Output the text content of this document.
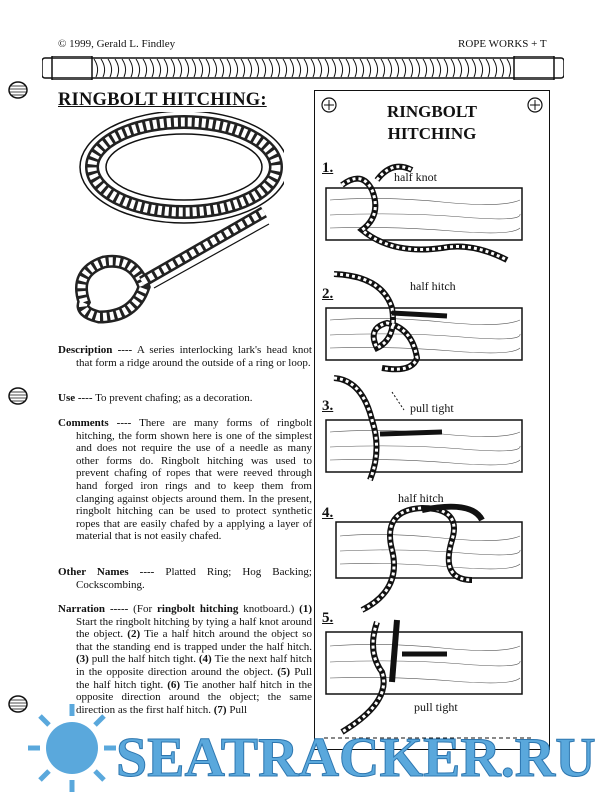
© 1999, Gerald L. Findley	ROPE WORKS + T
RINGBOLT HITCHING:
Description ---- A series interlocking lark's head knot that form a ridge around the outside of a ring or loop.
Use ---- To prevent chafing; as a decoration.
Comments ---- There are many forms of ringbolt hitching, the form shown here is one of the simplest and does not require the use of a needle as many other forms do. Ringbolt hitching was used to prevent chafing of ropes that were reeved through hand forged iron rings and to keep them from clanging against objects around them. In the present, ringbolt hitching can be used to protect synthetic ropes that are easily chafed by a applying a layer of material that is not easily chafed.
Other Names ---- Platted Ring; Hog Backing; Cockscombing.
Narration ----- (For ringbolt hitching knotboard.) (1) Start the ringbolt hitching by tying a half knot around the object. (2) Tie a half hitch around the object so that the standing end is trapped under the half hitch. (3) pull the half hitch tight. (4) Tie the next half hitch in the opposite direction around the object. (5) Pull the half hitch tight. (6) Tie another half hitch in the opposite direction around the object; the same direction as the first half hitch. (7) Pull
RINGBOLT
HITCHING
1.
half knot
2.	half hitch
3.	pull tight
4.
half hitch
5.
pull tight
SEATRACKER.RU
